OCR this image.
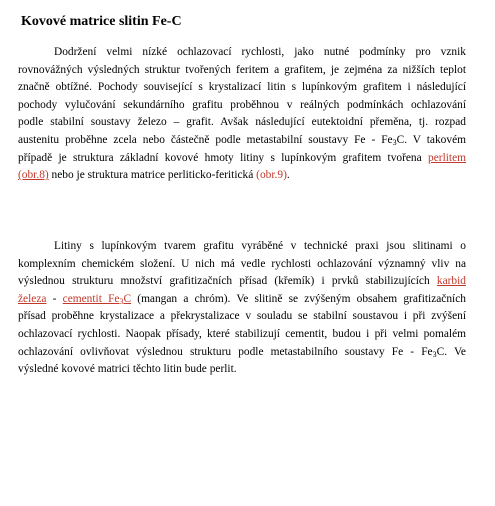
Kovové matrice slitin Fe-C
Dodržení velmi nízké ochlazovací rychlosti, jako nutné podmínky pro vznik
rovnovážných výsledných struktur tvořených feritem a grafitem, je zejména za nižších teplot
značně obtížné. Pochody související s krystalizací litin s lupínkovým grafitem i následující
pochody vylučování sekundárního grafitu proběhnou v reálných podmínkách ochlazování
podle stabilní soustavy železo – grafit. Avšak následující eutektoidní přeměna, tj. rozpad
austenitu proběhne zcela nebo částečně podle metastabilní soustavy Fe - $Fe_3C$. V takovém
případě je struktura základní kovové hmoty litiny s lupínkovým grafitem tvořena perlitem
(obr.8) nebo je struktura matrice perliticko-feritická (obr.9).
Litiny s lupínkovým tvarem grafitu vyráběné v technické praxi jsou slitinami o
komplexním chemickém složení. U nich má vedle rychlosti ochlazování významný vliv na
výslednou strukturu množství grafitizačních přísad (křemík) i prvků stabilizujících karbid
železa - cementit $Fe_3C$ (mangan a chróm). Ve slitině se zvýšeným obsahem grafitizačních
přísad proběhne krystalizace a překrystalizace v souladu se stabilní soustavou i při zvýšení
ochlazovací rychlosti. Naopak přísady, které stabilizují cementit, budou i při velmi pomalém
ochlazování ovlivňovat výslednou strukturu podle metastabilního soustavy Fe - $Fe_3C$. Ve
výsledné kovové matrici těchto litin bude perlit.
